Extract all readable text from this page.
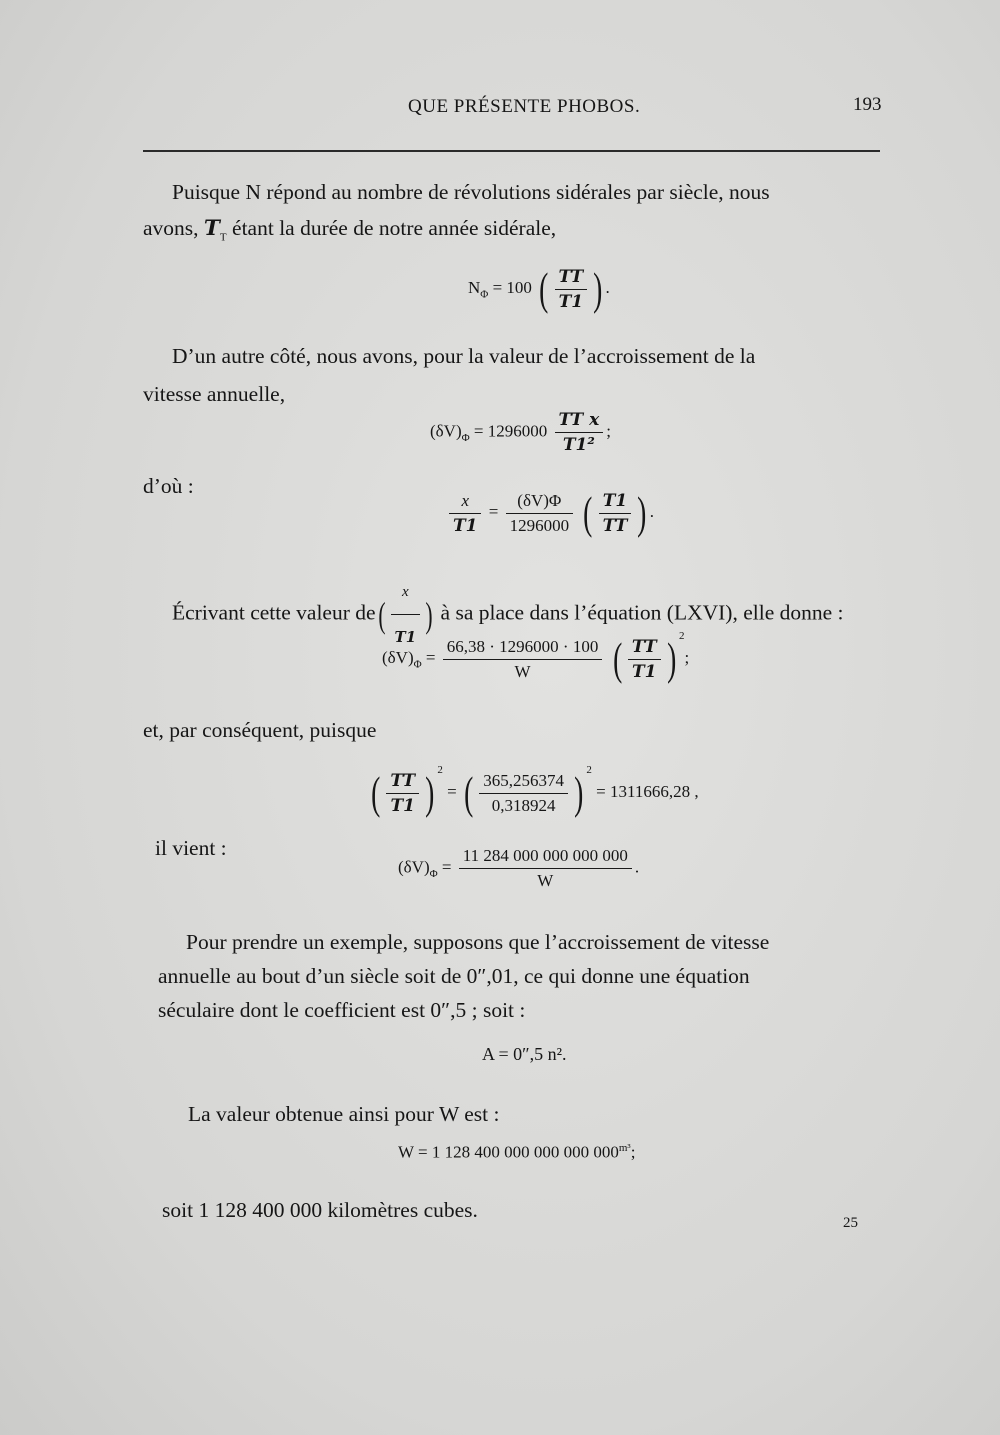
QUE PRÉSENTE PHOBOS.	193
Puisque N répond au nombre de révolutions sidérales par siècle, nous
avons, $T_T$ étant la durée de notre année sidérale,
$N_\Phi = 100$ ( $\frac{TT}{T1}$ ) .
D’un autre côté, nous avons, pour la valeur de l’accroissement de la
vitesse annuelle,
$(\delta V)_\Phi = 1296000 \frac{\text{TT x}}{\text{T1²}}$ ;
d’où :
$\frac{x}{T1} = \frac{(\delta V)\Phi}{1296000}$ ( $\frac{T1}{TT}$ ) .
Écrivant cette valeur $de( \frac{x}{T1}$ ) à sa place dans l’équation (LXVI), elle donne :
$(\delta V)_\Phi = \frac{66,38 \cdot 1296000 \cdot 100}{W}$ ( $\frac{TT}{T1}$ ) $^2$;
et, par conséquent, puisque
( $\frac{TT}{T1}$ ) $^2$ = ( $\frac{365,256374}{0,318924}$ ) $^2$ = 1311666,28 ,
il vient :
$(\delta V)_\Phi = \frac{11 284 000 000 000 000}{W}$ .
Pour prendre un exemple, supposons que l’accroissement de vitesse
annuelle au bout d’un siècle soit de 0″,01, ce qui donne une équation
séculaire dont le coefficient est 0″,5 ; soit :
A = 0″,5 n².
La valeur obtenue ainsi pour W est :
W = 1 128 400 000 000 000 $000^{m^3}$;
soit 1 128 400 000 kilomètres cubes.
25
